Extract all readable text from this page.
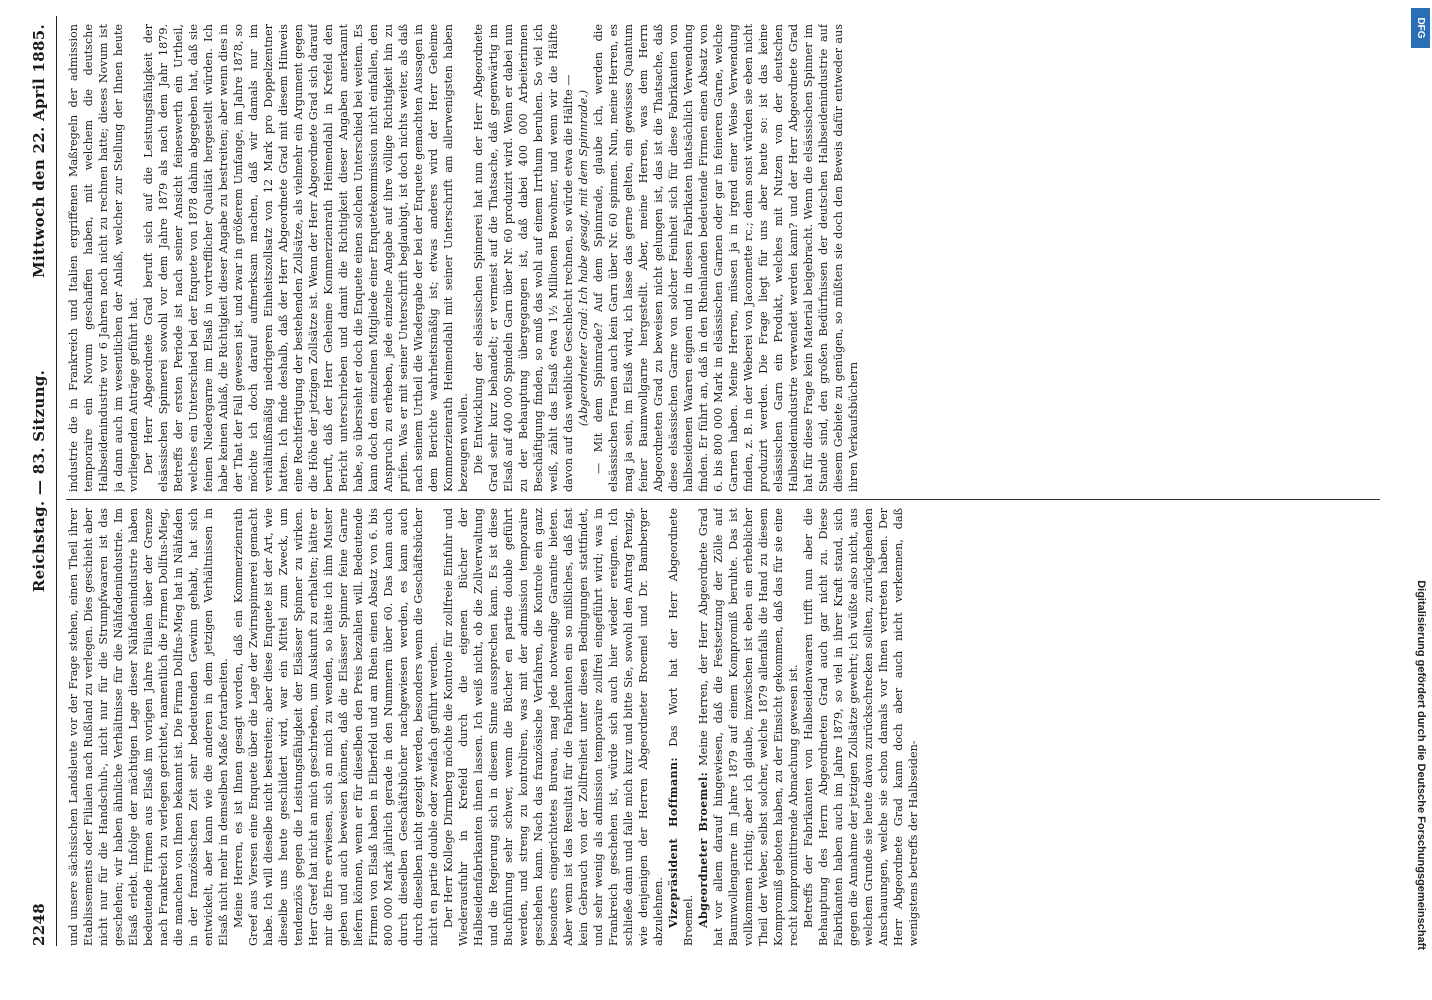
2248
Reichstag. — 83. Sitzung.
Mittwoch den 22. April 1885.

und unsere sächsischen Landsleute vor der Frage stehen, einen Theil ihrer Etablissements oder Filialen nach Rußland zu verlegen. Dies geschieht aber nicht nur für die Handschuh-, nicht nur für die Strumpfwaaren ist das geschehen; wir haben ähnliche Verhältnisse für die Nähfadenindustrie. Im Elsaß erlebt. Infolge der mächtigen Lage dieser Nähfadenindustrie haben bedeutende Firmen aus Elsaß im vorigen Jahre Filialen über der Grenze nach Frankreich zu verlegen gerichtet, namentlich die Firmen Dollfus-Mieg, die manchen von Ihnen bekannt ist. Die Firma Dollfus-Mieg hat in Nähfaden in der französischen Zeit sehr bedeutenden Gewinn gehabt, hat sich entwickelt, aber kann wie die anderen in dem jetzigen Verhältnissen in Elsaß nicht mehr in demselben Maße fortarbeiten. Meine Herren, es ist Ihnen gesagt worden, daß ein Kommerzienrath Greef aus Viersen eine Enquete über die Lage der Zwirnspinnerei gemacht habe. Ich will dieselbe nicht bestreiten; aber diese Enquete ist der Art, wie dieselbe uns heute geschildert wird, war ein Mittel zum Zweck, um tendenziös gegen die Leistungsfähigkeit der Elsässer Spinner zu wirken. Herr Greef hat nicht an mich geschrieben, um Auskunft zu erhalten; hätte er mir die Ehre erwiesen, sich an mich zu wenden, so hätte ich ihm Muster geben und auch beweisen können, daß die Elsässer Spinner feine Garne liefern können, wenn er für dieselben den Preis bezahlen will. Bedeutende Firmen von Elsaß haben in Elberfeld und am Rhein einen Absatz von 6. bis 800 000 Mark jährlich gerade in den Nummern über 60. Das kann auch durch dieselben Geschäftsbücher nachgewiesen werden, es kann auch durch dieselben nicht gezeigt werden, besonders wenn die Geschäftsbücher nicht en partie double oder zweifach geführt werden. Der Herr Kollege Dirmberg möchte die Kontrole für zollfreie Einfuhr und Wiederausfuhr in Krefeld durch die eigenen Bücher der Halbseidenfabrikanten ihnen lassen. Ich weiß nicht, ob die Zollverwaltung und die Regierung sich in diesem Sinne aussprechen kann. Es ist diese Buchführung sehr schwer, wenn die Bücher en partie double geführt werden, und streng zu kontroliren, was mit der admission temporaire geschehen kann. Nach das französische Verfahren, die Kontrole ein ganz besonders eingerichtetes Bureau, mag jede notwendige Garantie bieten. Aber wenn ist das Resultat für die Fabrikanten ein so mißliches, daß fast kein Gebrauch von der Zollfreiheit unter diesen Bedingungen stattfindet, und sehr wenig als admission temporaire zollfrei eingeführt wird; was in Frankreich geschehen ist, würde sich auch hier wieder ereignen. Ich schließe dann und falle mich kurz und bitte Sie, sowohl den Antrag Penzig, wie denjenigen der Herren Abgeordneter Broemel und Dr. Bamberger abzulehnen. Vizepräsident Hoffmann: Das Wort hat der Herr Abgeordnete Broemel. Abgeordneter Broemel: Meine Herren, der Herr Abgeordnete Grad hat vor allem darauf hingewiesen, daß die Festsetzung der Zölle auf Baumwollengarne im Jahre 1879 auf einem Kompromiß beruhte. Das ist vollkommen richtig; aber ich glaube, inzwischen ist eben ein erheblicher Theil der Weber, selbst solcher, welche 1879 allenfalls die Hand zu diesem Kompromiß geboten haben, zu der Einsicht gekommen, daß das für sie eine recht kompromittirende Abmachung gewesen ist. Betreffs der Fabrikanten von Halbseidenwaaren trifft nun aber die Behauptung des Herrn Abgeordneten Grad auch gar nicht zu. Diese Fabrikanten haben auch im Jahre 1879, so viel in ihrer Kraft stand, sich gegen die Annahme der jetzigen Zollsätze gewehrt; ich wüßte also nicht, aus welchem Grunde sie heute davon zurückschrecken sollten, zurückgehenden Anschauungen, welche sie schon damals vor Ihnen vertreten haben. Der Herr Abgeordnete Grad kann doch aber auch nicht verkennen, daß wenigstens betreffs der Halbseiden-

industrie die in Frankreich und Italien ergriffenen Maßregeln der admission temporaire ein Novum geschaffen haben, mit welchem die deutsche Halbseidenindustrie vor 6 Jahren noch nicht zu rechnen hatte; dieses Novum ist ja dann auch im wesentlichen der Anlaß, welcher zur Stellung der Ihnen heute vorliegenden Anträge geführt hat. Der Herr Abgeordnete Grad beruft sich auf die Leistungsfähigkeit der elsässischen Spinnerei sowohl vor dem Jahre 1879 als nach dem Jahr 1879. Betreffs der ersten Periode ist nach seiner Ansicht feineswerth ein Urtheil, welches ein Unterschied bei der Enquete von 1878 dahin abgegeben hat, daß sie feinen Niedergarne im Elsaß in vortrefflicher Qualität hergestellt würden. Ich habe keinen Anlaß, die Richtigkeit dieser Angabe zu bestreiten; aber wenn dies in der That der Fall gewesen ist, und zwar in größerem Umfange, im Jahre 1878, so möchte ich doch darauf aufmerksam machen, daß wir damals nur im verhältnißmäßig niedrigeren Einheitszollsatz von 12 Mark pro Doppelzentner hatten. Ich finde deshalb, daß der Herr Abgeordnete Grad mit diesem Hinweis eine Rechtfertigung der bestehenden Zollsätze, als vielmehr ein Argument gegen die Höhe der jetzigen Zollsätze ist. Wenn der Herr Abgeordnete Grad sich darauf beruft, daß der Herr Geheime Kommerzienrath Heimendahl in Krefeld den Bericht unterschrieben und damit die Richtigkeit dieser Angaben anerkannt habe, so übersieht er doch die Enquete einen solchen Unterschied bei weitem. Es kann doch den einzelnen Mitgliede einer Enquetekommission nicht einfallen, den Anspruch zu erheben, jede einzelne Angabe auf ihre völlige Richtigkeit hin zu prüfen. Was er mit seiner Unterschrift beglaubigt, ist doch nichts weiter, als daß nach seinem Urtheil die Wiedergabe der bei der Enquete gemachten Aussagen in dem Berichte wahrheitsmäßig ist; etwas anderes wird der Herr Geheime Kommerzienrath Heimendahl mit seiner Unterschrift am allerwenigsten haben bezeugen wollen. Die Entwicklung der elsässischen Spinnerei hat nun der Herr Abgeordnete Grad sehr kurz behandelt; er vermeist auf die Thatsache, daß gegenwärtig im Elsaß auf 400 000 Spindeln Garn über Nr. 60 produzirt wird. Wenn er dabei nun zu der Behauptung übergegangen ist, daß dabei 400 000 Arbeiterinnen Beschäftigung finden, so muß das wohl auf einem Irrthum beruhen. So viel ich weiß, zählt das Elsaß etwa 1½ Millionen Bewohner, und wenn wir die Hälfte davon auf das weibliche Geschlecht rechnen, so würde etwa die Hälfte — (Abgeordneter Grad: Ich habe gesagt, mit dem Spinnrade.) — Mit dem Spinnrade? Auf dem Spinnrade, glaube ich, werden die elsässischen Frauen auch kein Garn über Nr. 60 spinnen. Nun, meine Herren, es mag ja sein, im Elsaß wird, ich lasse das gerne gelten, ein gewisses Quantum feiner Baumwollgarne hergestellt. Aber, meine Herren, was dem Herrn Abgeordneten Grad zu beweisen nicht gelungen ist, das ist die Thatsache, daß diese elsässischen Garne von solcher Feinheit sich für diese Fabrikanten von halbseidenen Waaren eignen und in diesen Fabrikaten thatsächlich Verwendung finden. Er führt an, daß in den Rheinlanden bedeutende Firmen einen Absatz von 6. bis 800 000 Mark in elsässischen Garnen oder gar in feineren Garne, welche Garnen haben. Meine Herren, müssen ja in irgend einer Weise Verwendung finden, z. B. in der Weberei von Jaconnette rc.; denn sonst würden sie eben nicht produzirt werden. Die Frage liegt für uns aber heute so: ist das keine elsässischen Garn ein Produkt, welches mit Nutzen von der deutschen Halbseidenindustrie verwendet werden kann? und der Herr Abgeordnete Grad hat für diese Frage kein Material beigebracht. Wenn die elsässischen Spinner im Stande sind, den großen Bedürfnissen der deutschen Halbseidenindustrie auf diesem Gebiete zu genügen, so müßten sie doch den Beweis dafür entweder aus ihren Verkaufsbüchern

Digitalisierung gefördert durch die Deutsche Forschungsgemeinschaft
DFG
